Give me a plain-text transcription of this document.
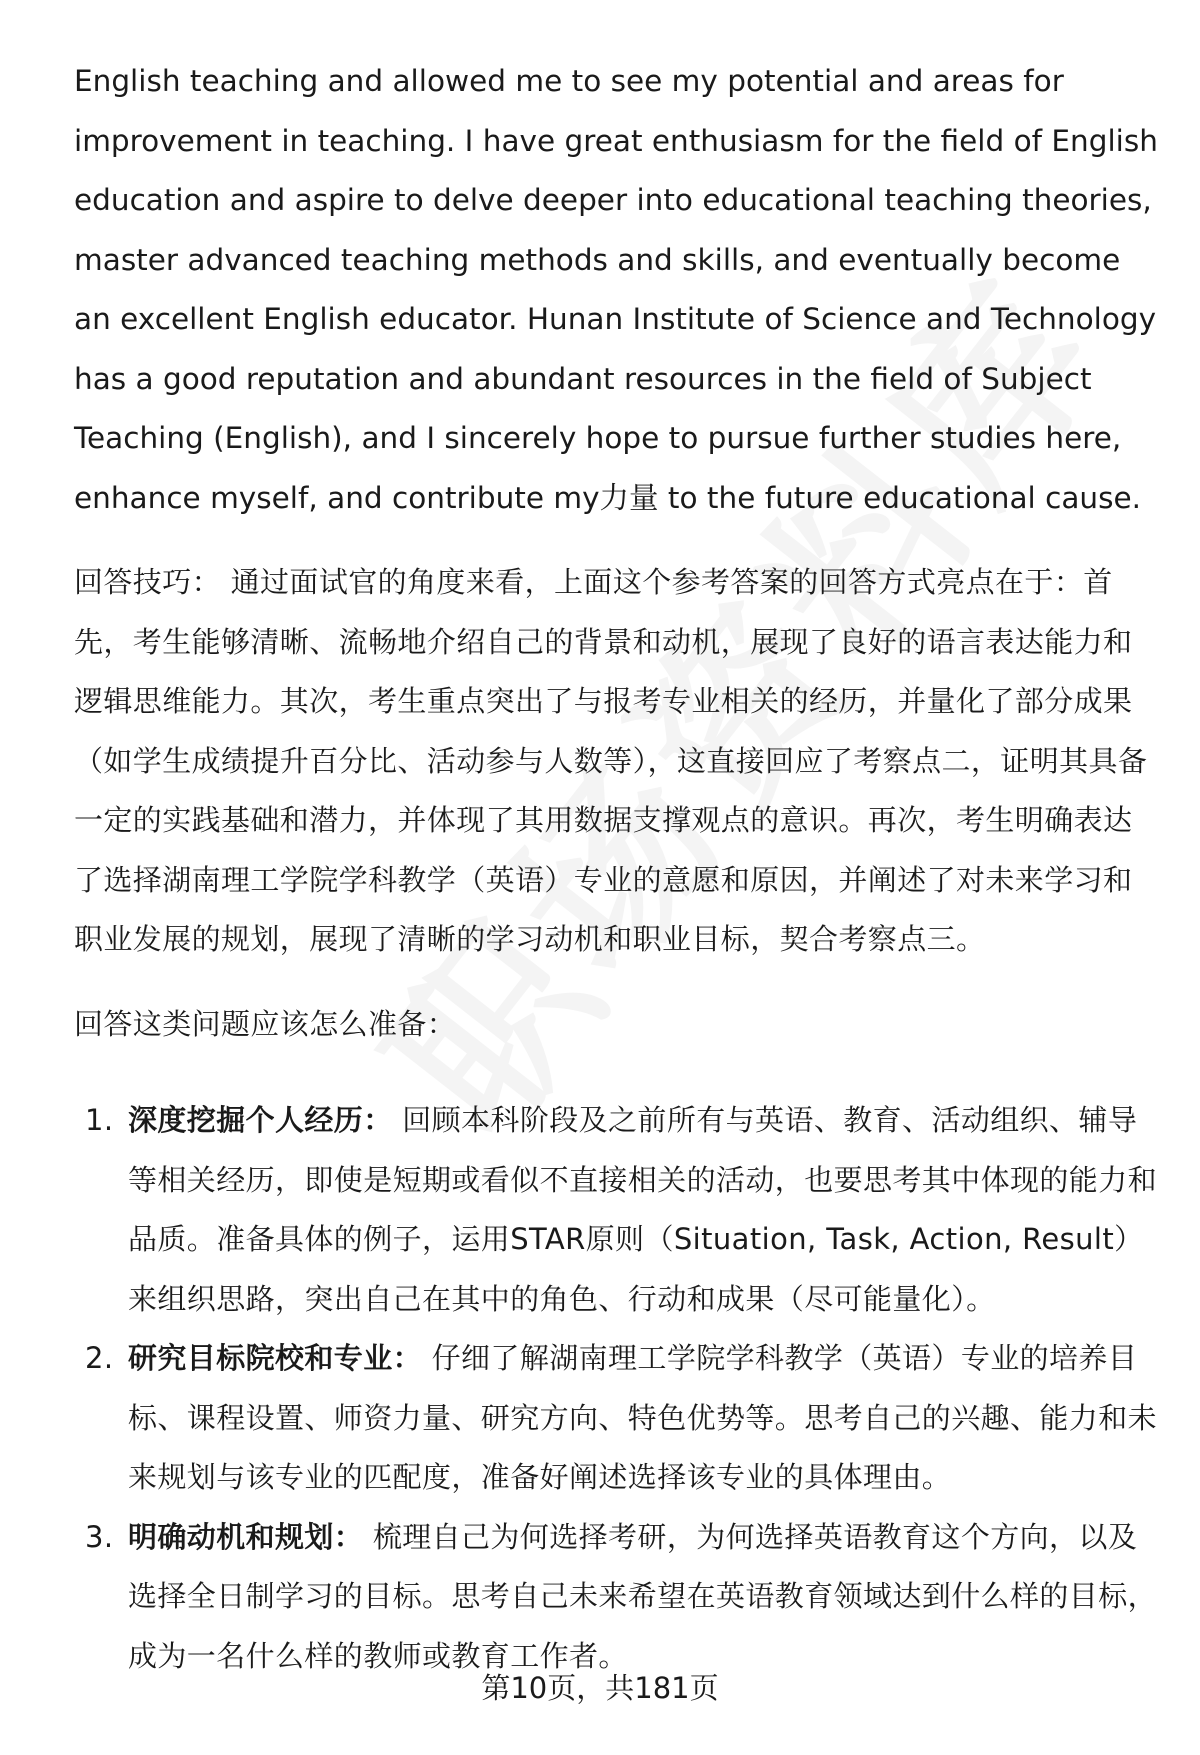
English teaching and allowed me to see my potential and areas for improvement in teaching. I have great enthusiasm for the field of English education and aspire to delve deeper into educational teaching theories, master advanced teaching methods and skills, and eventually become an excellent English educator. Hunan Institute of Science and Technology has a good reputation and abundant resources in the field of Subject Teaching (English), and I sincerely hope to pursue further studies here, enhance myself, and contribute my力量 to the future educational cause.

回答技巧： 通过面试官的角度来看，上面这个参考答案的回答方式亮点在于：首先，考生能够清晰、流畅地介绍自己的背景和动机，展现了良好的语言表达能力和逻辑思维能力。其次，考生重点突出了与报考专业相关的经历，并量化了部分成果（如学生成绩提升百分比、活动参与人数等），这直接回应了考察点二，证明其具备一定的实践基础和潜力，并体现了其用数据支撑观点的意识。再次，考生明确表达了选择湖南理工学院学科教学（英语）专业的意愿和原因，并阐述了对未来学习和职业发展的规划，展现了清晰的学习动机和职业目标，契合考察点三。

回答这类问题应该怎么准备：

1. 深度挖掘个人经历： 回顾本科阶段及之前所有与英语、教育、活动组织、辅导等相关经历，即使是短期或看似不直接相关的活动，也要思考其中体现的能力和品质。准备具体的例子，运用STAR原则（Situation, Task, Action, Result）来组织思路，突出自己在其中的角色、行动和成果（尽可能量化）。
2. 研究目标院校和专业： 仔细了解湖南理工学院学科教学（英语）专业的培养目标、课程设置、师资力量、研究方向、特色优势等。思考自己的兴趣、能力和未来规划与该专业的匹配度，准备好阐述选择该专业的具体理由。
3. 明确动机和规划： 梳理自己为何选择考研，为何选择英语教育这个方向，以及选择全日制学习的目标。思考自己未来希望在英语教育领域达到什么样的目标，成为一名什么样的教师或教育工作者。
第10页，共181页
